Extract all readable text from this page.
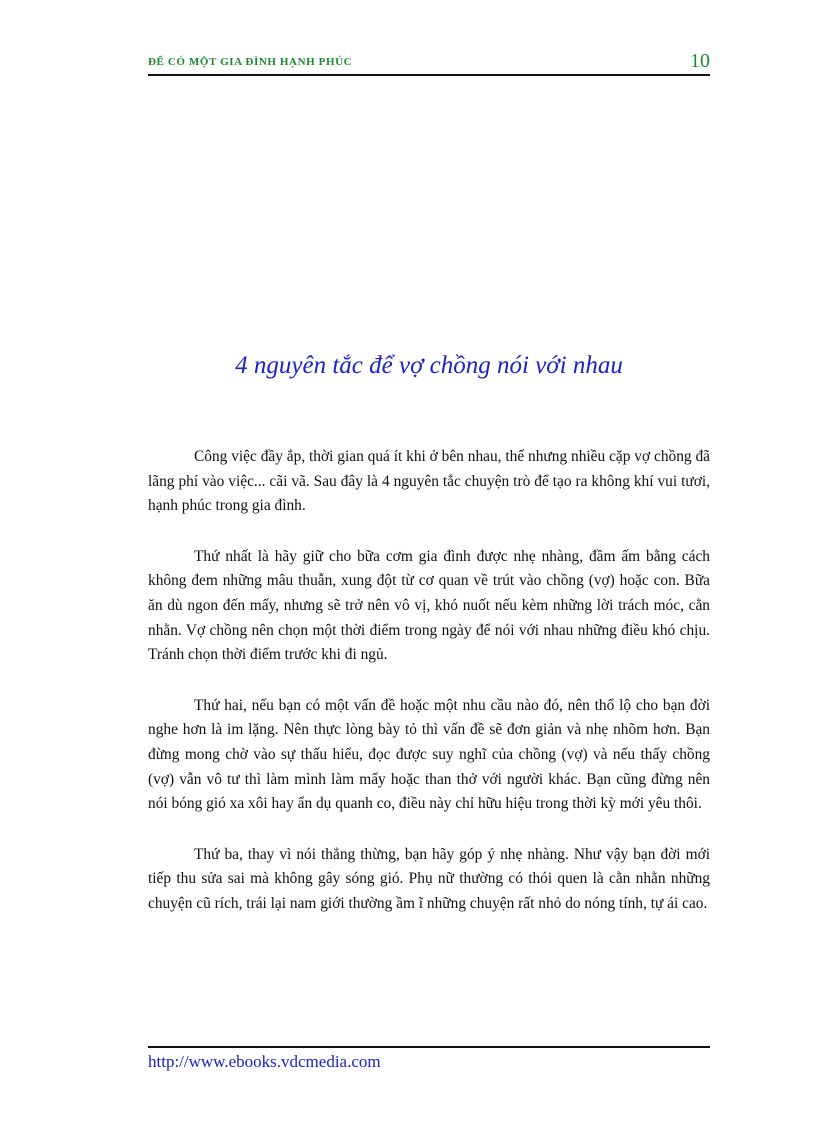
ĐỂ CÓ MỘT GIA ĐÌNH HẠNH PHÚC	10
4 nguyên tắc để vợ chồng nói với nhau

Công việc đầy ắp, thời gian quá ít khi ở bên nhau, thế nhưng nhiều cặp vợ chồng đã lãng phí vào việc... cãi vã. Sau đây là 4 nguyên tắc chuyện trò để tạo ra không khí vui tươi, hạnh phúc trong gia đình.

Thứ nhất là hãy giữ cho bữa cơm gia đình được nhẹ nhàng, đầm ấm bằng cách không đem những mâu thuẫn, xung đột từ cơ quan về trút vào chồng (vợ) hoặc con. Bữa ăn dù ngon đến mấy, nhưng sẽ trở nên vô vị, khó nuốt nếu kèm những lời trách móc, cằn nhằn. Vợ chồng nên chọn một thời điểm trong ngày để nói với nhau những điều khó chịu. Tránh chọn thời điểm trước khi đi ngủ.

Thứ hai, nếu bạn có một vấn đề hoặc một nhu cầu nào đó, nên thổ lộ cho bạn đời nghe hơn là im lặng. Nên thực lòng bày tỏ thì vấn đề sẽ đơn giản và nhẹ nhõm hơn. Bạn đừng mong chờ vào sự thấu hiểu, đọc được suy nghĩ của chồng (vợ) và nếu thấy chồng (vợ) vẫn vô tư thì làm mình làm mẩy hoặc than thở với người khác. Bạn cũng đừng nên nói bóng gió xa xôi hay ẩn dụ quanh co, điều này chỉ hữu hiệu trong thời kỳ mới yêu thôi.

Thứ ba, thay vì nói thẳng thừng, bạn hãy góp ý nhẹ nhàng. Như vậy bạn đời mới tiếp thu sửa sai mà không gây sóng gió. Phụ nữ thường có thói quen là cằn nhằn những chuyện cũ rích, trái lại nam giới thường ầm ĩ những chuyện rất nhỏ do nóng tính, tự ái cao.

http://www.ebooks.vdcmedia.com
